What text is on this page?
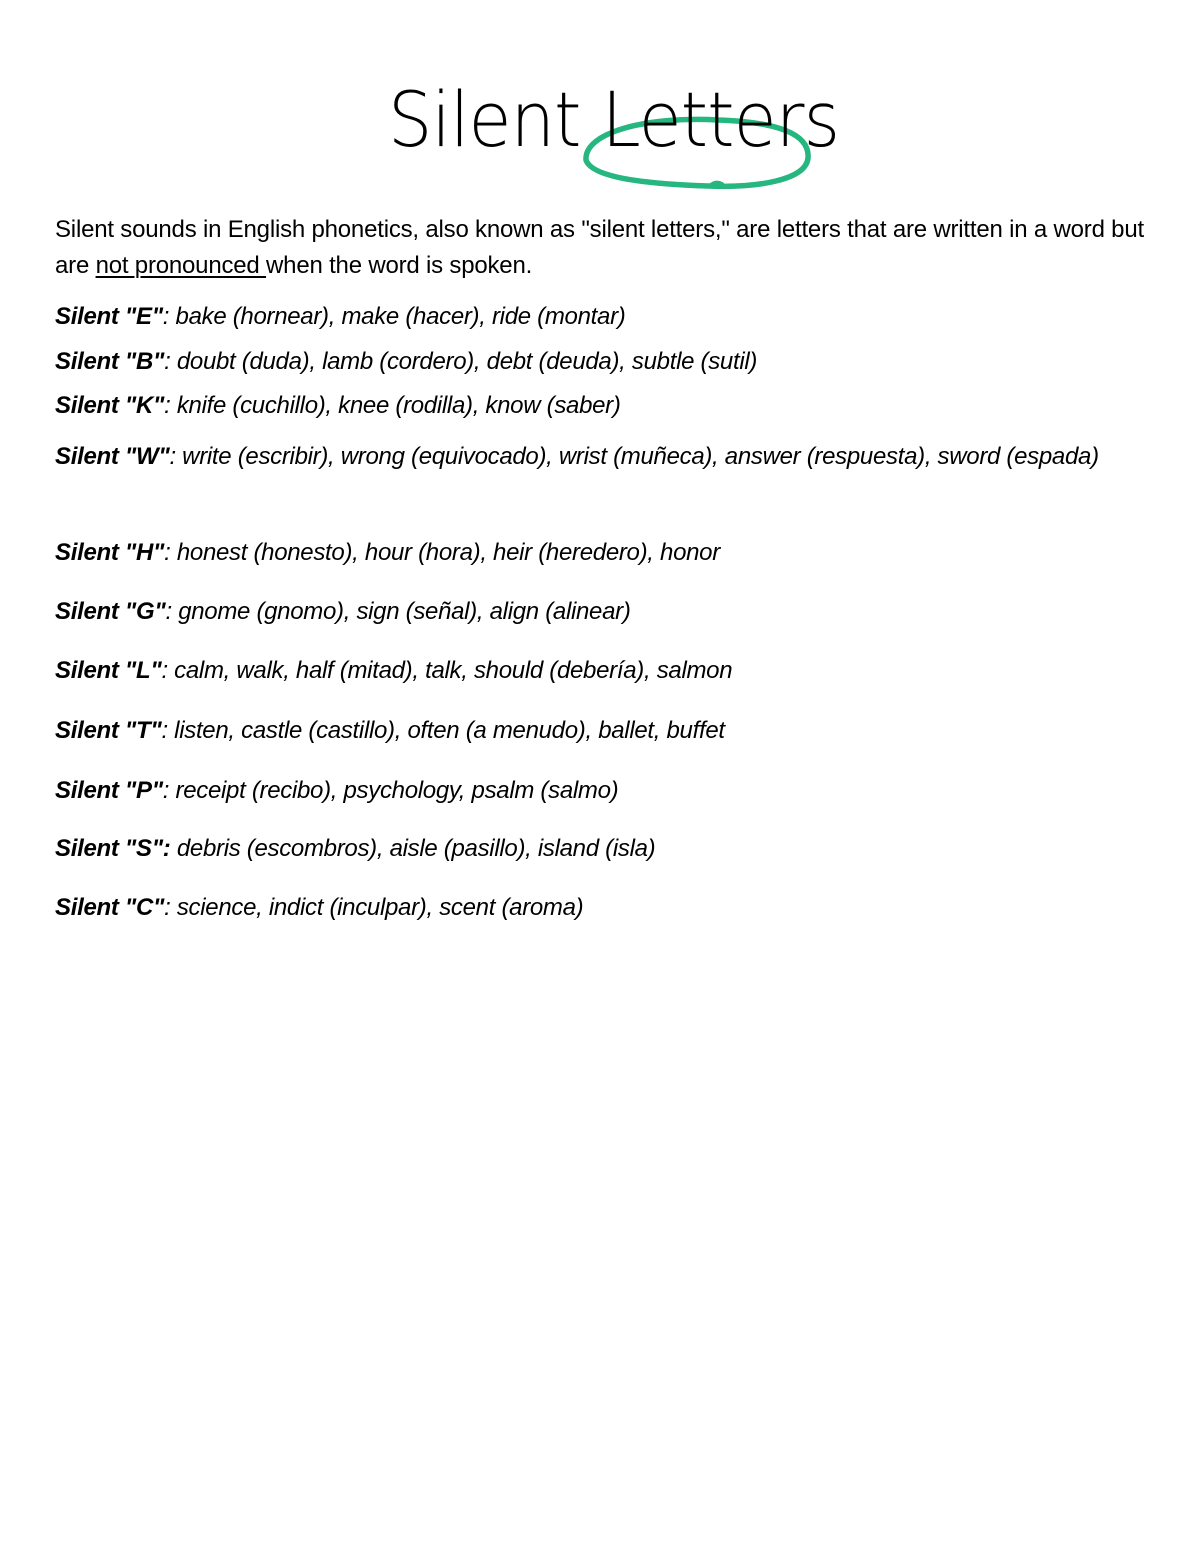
Silent Letters

Silent sounds in English phonetics, also known as "silent letters," are letters that are written in a word but are not pronounced when the word is spoken.

Silent "E": bake (hornear), make (hacer), ride (montar)

Silent "B": doubt (duda), lamb (cordero), debt (deuda), subtle (sutil)

Silent "K": knife (cuchillo), knee (rodilla), know (saber)

Silent "W": write (escribir), wrong (equivocado), wrist (muñeca), answer (respuesta), sword (espada)

Silent "H": honest (honesto), hour (hora), heir (heredero), honor

Silent "G": gnome (gnomo), sign (señal), align (alinear)

Silent "L": calm, walk, half (mitad), talk, should (debería), salmon

Silent "T": listen, castle (castillo), often (a menudo), ballet, buffet

Silent "P": receipt (recibo), psychology, psalm (salmo)

Silent "S": debris (escombros), aisle (pasillo), island (isla)

Silent "C": science, indict (inculpar), scent (aroma)
